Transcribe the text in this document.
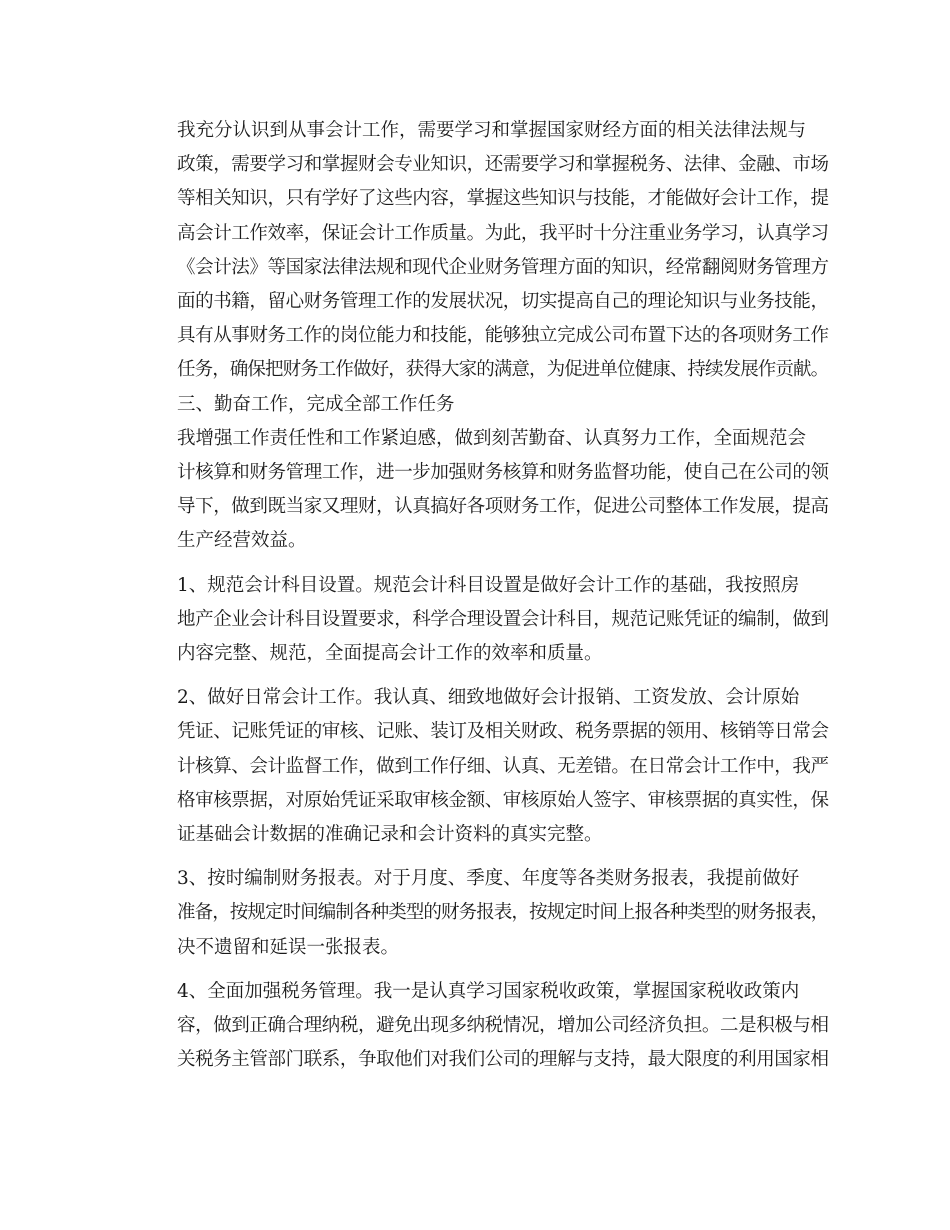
我充分认识到从事会计工作，需要学习和掌握国家财经方面的相关法律法规与
政策，需要学习和掌握财会专业知识，还需要学习和掌握税务、法律、金融、市场
等相关知识，只有学好了这些内容，掌握这些知识与技能，才能做好会计工作，提
高会计工作效率，保证会计工作质量。为此，我平时十分注重业务学习，认真学习
《会计法》等国家法律法规和现代企业财务管理方面的知识，经常翻阅财务管理方
面的书籍，留心财务管理工作的发展状况，切实提高自己的理论知识与业务技能，
具有从事财务工作的岗位能力和技能，能够独立完成公司布置下达的各项财务工作
任务，确保把财务工作做好，获得大家的满意，为促进单位健康、持续发展作贡献。
三、勤奋工作，完成全部工作任务
我增强工作责任性和工作紧迫感，做到刻苦勤奋、认真努力工作，全面规范会
计核算和财务管理工作，进一步加强财务核算和财务监督功能，使自己在公司的领
导下，做到既当家又理财，认真搞好各项财务工作，促进公司整体工作发展，提高
生产经营效益。
1、规范会计科目设置。规范会计科目设置是做好会计工作的基础，我按照房
地产企业会计科目设置要求，科学合理设置会计科目，规范记账凭证的编制，做到
内容完整、规范，全面提高会计工作的效率和质量。
2、做好日常会计工作。我认真、细致地做好会计报销、工资发放、会计原始
凭证、记账凭证的审核、记账、装订及相关财政、税务票据的领用、核销等日常会
计核算、会计监督工作，做到工作仔细、认真、无差错。在日常会计工作中，我严
格审核票据，对原始凭证采取审核金额、审核原始人签字、审核票据的真实性，保
证基础会计数据的准确记录和会计资料的真实完整。
3、按时编制财务报表。对于月度、季度、年度等各类财务报表，我提前做好
准备，按规定时间编制各种类型的财务报表，按规定时间上报各种类型的财务报表，
决不遗留和延误一张报表。
4、全面加强税务管理。我一是认真学习国家税收政策，掌握国家税收政策内
容，做到正确合理纳税，避免出现多纳税情况，增加公司经济负担。二是积极与相
关税务主管部门联系，争取他们对我们公司的理解与支持，最大限度的利用国家相
